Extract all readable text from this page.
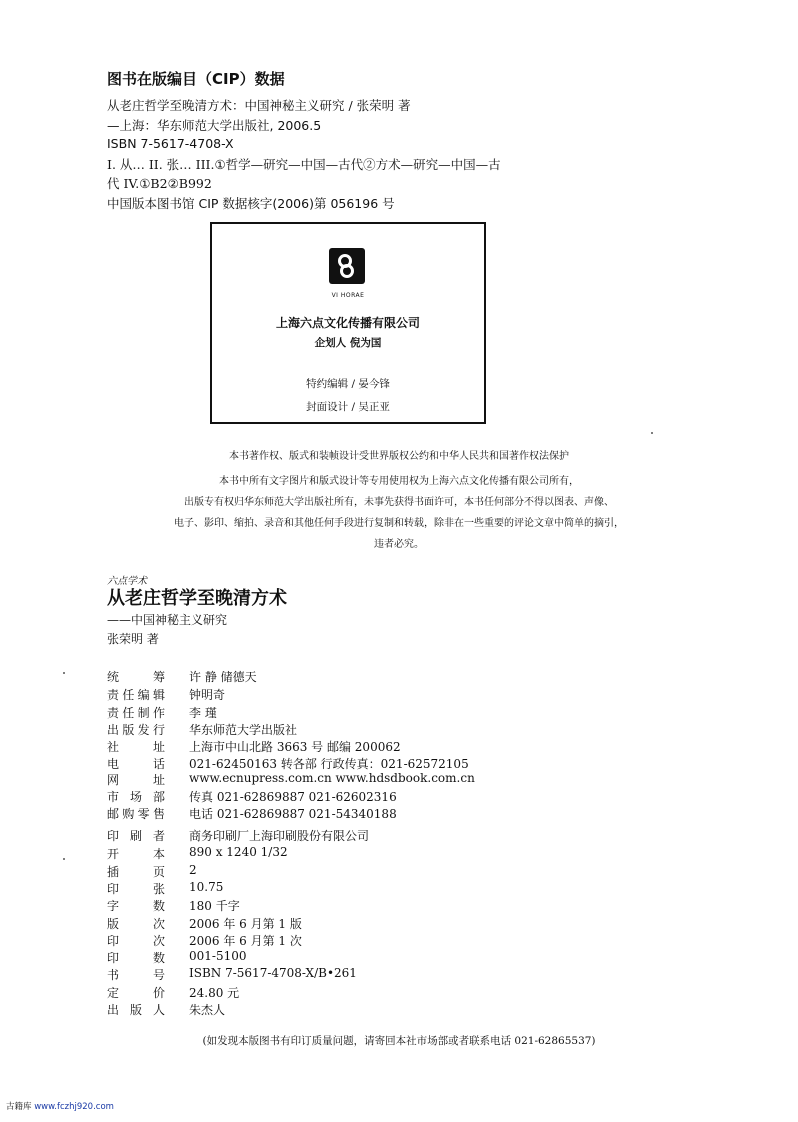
图书在版编目（CIP）数据
从老庄哲学至晚清方术：中国神秘主义研究 / 张荣明 著
—上海：华东师范大学出版社, 2006.5
ISBN 7-5617-4708-X
I. 从… II. 张… III.①哲学—研究—中国—古代②方术—研究—中国—古
代 IV.①B2②B992
中国版本图书馆 CIP 数据核字(2006)第 056196 号
VI HORAE
上海六点文化传播有限公司
企划人 倪为国
特约编辑 / 晏今锋
封面设计 / 吴正亚
本书著作权、版式和装帧设计受世界版权公约和中华人民共和国著作权法保护
本书中所有文字图片和版式设计等专用使用权为上海六点文化传播有限公司所有，
出版专有权归华东师范大学出版社所有，未事先获得书面许可，本书任何部分不得以图表、声像、
电子、影印、缩拍、录音和其他任何手段进行复制和转载，除非在一些重要的评论文章中简单的摘引，
违者必究。
六点学术
从老庄哲学至晚清方术
——中国神秘主义研究
张荣明 著
统	筹 许 静 储德天
责 任 编 辑 钟明奇
责 任 制 作 李 瑾
出 版 发 行 华东师范大学出版社
社	址 上海市中山北路 3663 号 邮编 200062
电	话 021-62450163 转各部 行政传真：021-62572105
网	址 www.ecnupress.com.cn www.hdsdbook.com.cn
市 场 部 传真 021-62869887 021-62602316
邮 购 零 售 电话 021-62869887 021-54340188
印 刷 者 商务印刷厂上海印刷股份有限公司
开	本 890 x 1240 1/32
插	页 2
印	张 10.75
字	数 180 千字
版	次 2006 年 6 月第 1 版
印	次 2006 年 6 月第 1 次
印	数 001-5100
书	号 ISBN 7-5617-4708-X/B•261
定	价 24.80 元
出 版 人 朱杰人
(如发现本版图书有印订质量问题，请寄回本社市场部或者联系电话 021-62865537)
古籍库 www.fczhj920.com
